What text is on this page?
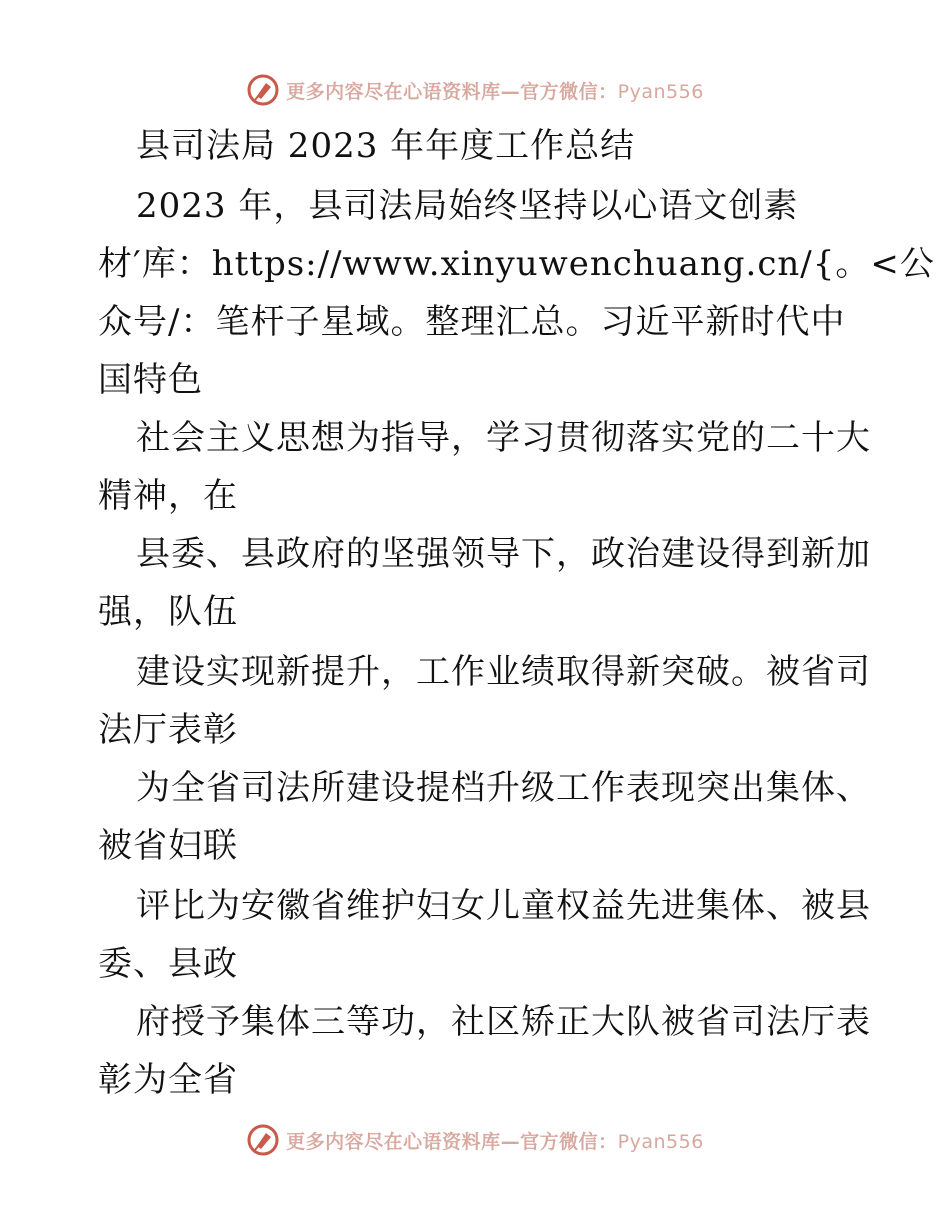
更多内容尽在心语资料库—官方微信：Pyan556
县司法局 2023 年年度工作总结
2023 年，县司法局始终坚持以心语文创素
材′库：https://www.xinyuwenchuang.cn/{。<公
众号/：笔杆子星域。整理汇总。习近平新时代中
国特色
社会主义思想为指导，学习贯彻落实党的二十大
精神，在
县委、县政府的坚强领导下，政治建设得到新加
强，队伍
建设实现新提升，工作业绩取得新突破。被省司
法厅表彰
为全省司法所建设提档升级工作表现突出集体、
被省妇联
评比为安徽省维护妇女儿童权益先进集体、被县
委、县政
府授予集体三等功，社区矫正大队被省司法厅表
彰为全省
更多内容尽在心语资料库—官方微信：Pyan556
